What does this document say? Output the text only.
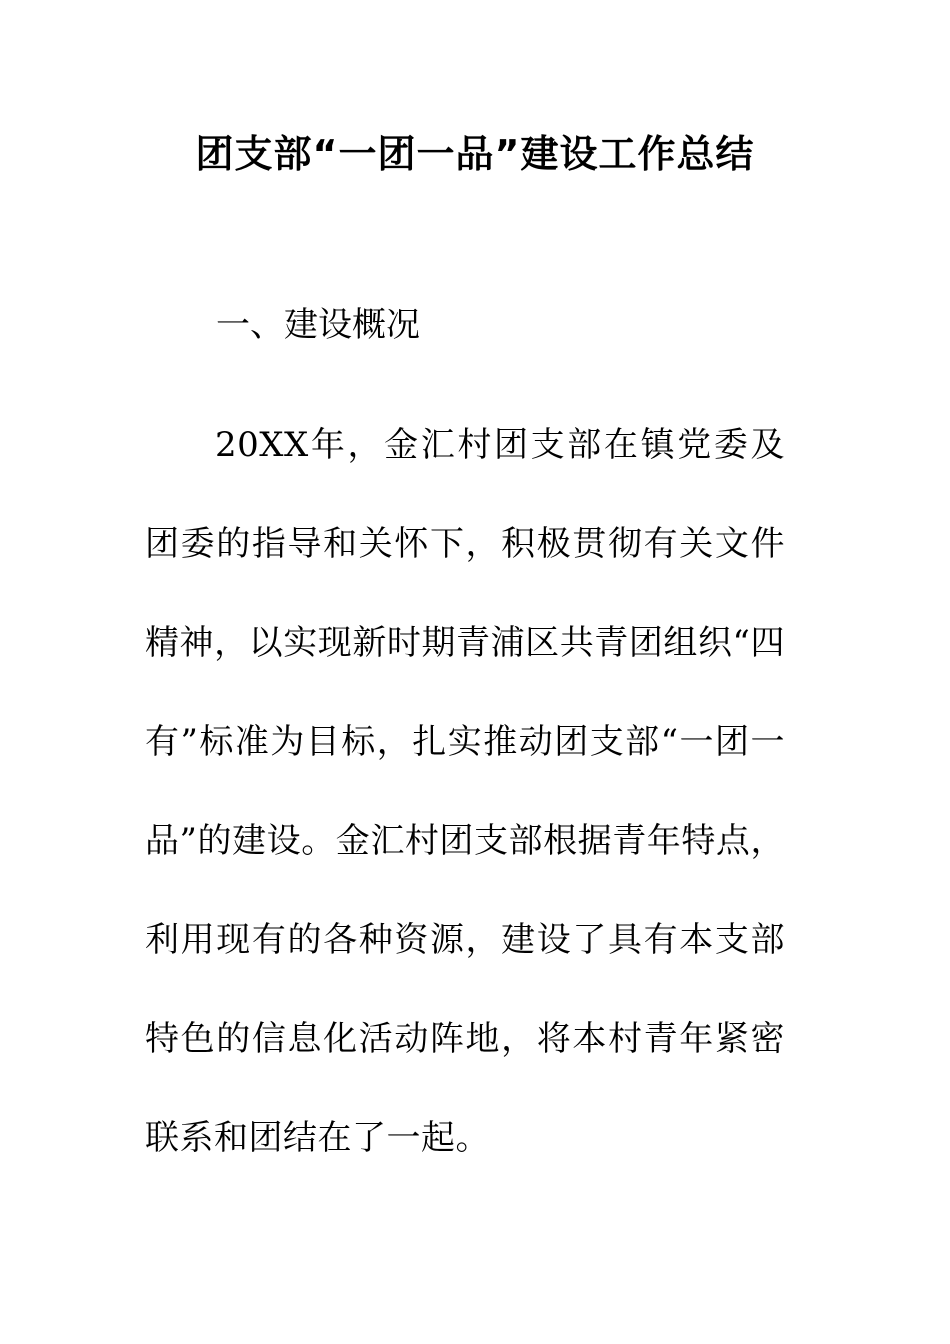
团支部“一团一品”建设工作总结
一、建设概况

20XX年，金汇村团支部在镇党委及团委的指导和关怀下，积极贯彻有关文件精神，以实现新时期青浦区共青团组织“四有”标准为目标，扎实推动团支部“一团一品”的建设。金汇村团支部根据青年特点，利用现有的各种资源，建设了具有本支部特色的信息化活动阵地，将本村青年紧密联系和团结在了一起。
